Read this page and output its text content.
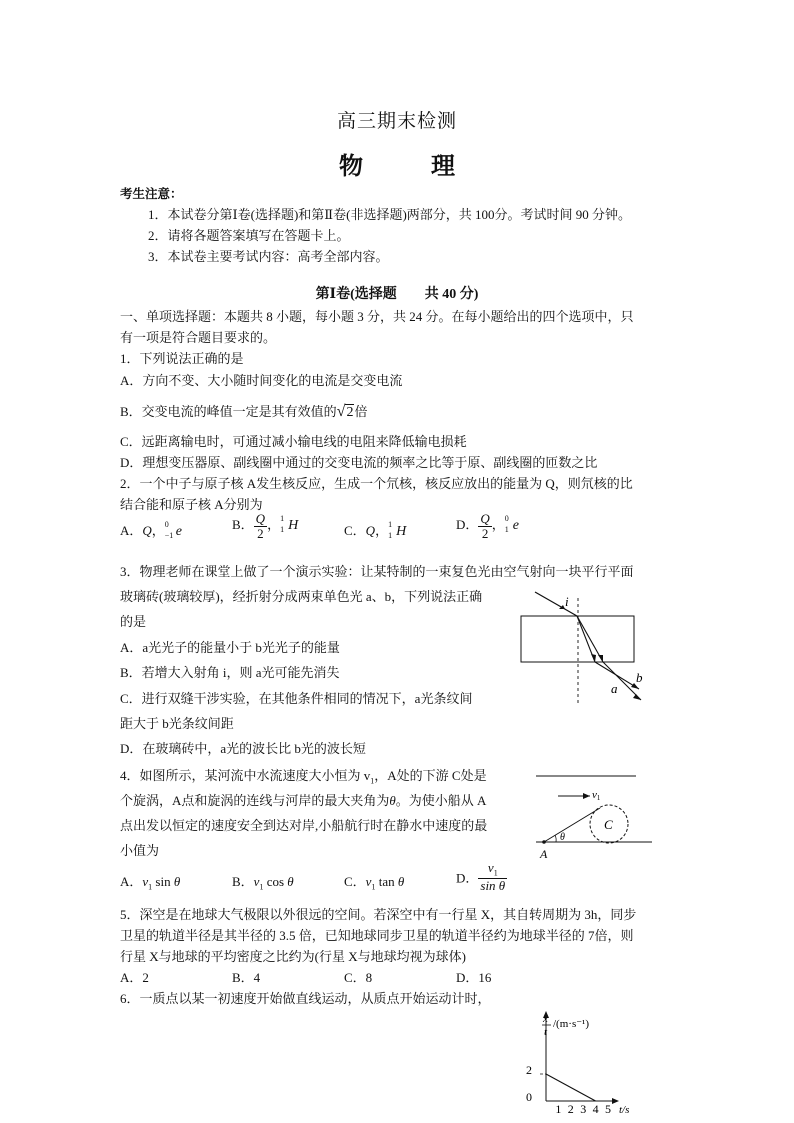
高三期末检测
物　理
考生注意：
1．本试卷分第Ⅰ卷(选择题)和第Ⅱ卷(非选择题)两部分，共 100分。考试时间 90 分钟。
2．请将各题答案填写在答题卡上。
3．本试卷主要考试内容：高考全部内容。
第Ⅰ卷(选择题　　共 40 分)
一、单项选择题：本题共 8 小题，每小题 3 分，共 24 分。在每小题给出的四个选项中，只
有一项是符合题目要求的。
1．下列说法正确的是
A．方向不变、大小随时间变化的电流是交变电流
B．交变电流的峰值一定是其有效值的√2倍
C．远距离输电时，可通过减小输电线的电阻来降低输电损耗
D．理想变压器原、副线圈中通过的交变电流的频率之比等于原、副线圈的匝数之比
2．一个中子与原子核 A发生核反应，生成一个氘核，核反应放出的能量为 Q，则氘核的比
结合能和原子核 A分别为
A．Q， 0
−1 e	B． $\frac{Q}{2}$ ， 1
1 H	C．Q， 1
1 H	D． $\frac{Q}{2}$ ， 0
1 e
3．物理老师在课堂上做了一个演示实验：让某特制的一束复色光由空气射向一块平行平面
玻璃砖(玻璃较厚)，经折射分成两束单色光 a、b，下列说法正确
的是
A．a光光子的能量小于 b光光子的能量
B．若增大入射角 i，则 a光可能先消失
C．进行双缝干涉实验，在其他条件相同的情况下，a光条纹间
距大于 b光条纹间距
D．在玻璃砖中，a光的波长比 b光的波长短
i
a
b
4．如图所示，某河流中水流速度大小恒为 $v_1$，A处的下游 C处是
个旋涡，A点和旋涡的连线与河岸的最大夹角为θ。为使小船从 A
点出发以恒定的速度安全到达对岸,小船航行时在静水中速度的最
小值为
A．$v_1$ sin θ	B．$v_1$ cos θ	C．$v_1$ tan θ	D． $\frac{v_1}{\text{sin θ}}$
v1
C
θ
A
5．深空是在地球大气极限以外很远的空间。若深空中有一行星 X，其自转周期为 3h，同步
卫星的轨道半径是其半径的 3.5 倍，已知地球同步卫星的轨道半径约为地球半径的 7倍，则
行星 X与地球的平均密度之比约为(行星 X与地球均视为球体)
A．2	B．4	C．8	D．16
6．一质点以某一初速度开始做直线运动，从质点开始运动计时，
x
t
/(m·s⁻¹)
t/s
2
0
1 2 3 4 5
